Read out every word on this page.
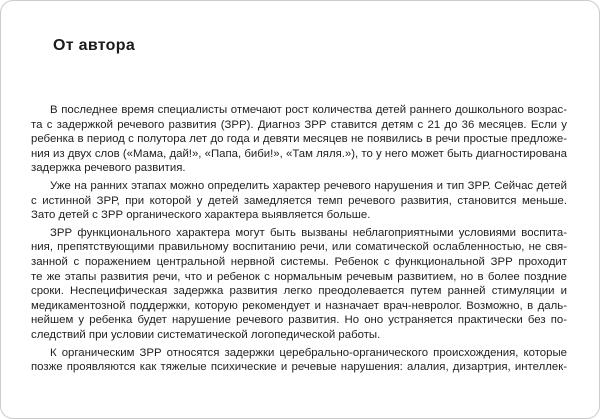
От автора
В последнее время специалисты отмечают рост количества детей раннего дошкольного возрас-
та с задержкой речевого развития (ЗРР). Диагноз ЗРР ставится детям с 21 до 36 месяцев. Если у
ребенка в период с полутора лет до года и девяти месяцев не появились в речи простые предложе-
ния из двух слов («Мама, дай!», «Папа, биби!», «Там ляля.»), то у него может быть диагностирована
задержка речевого развития.
Уже на ранних этапах можно определить характер речевого нарушения и тип ЗРР. Сейчас детей
с истинной ЗРР, при которой у детей замедляется темп речевого развития, становится меньше.
Зато детей с ЗРР органического характера выявляется больше.
ЗРР функционального характера могут быть вызваны неблагоприятными условиями воспита-
ния, препятствующими правильному воспитанию речи, или соматической ослабленностью, не свя-
занной с поражением центральной нервной системы. Ребенок с функциональной ЗРР проходит
те же этапы развития речи, что и ребенок с нормальным речевым развитием, но в более поздние
сроки. Неспецифическая задержка развития легко преодолевается путем ранней стимуляции и
медикаментозной поддержки, которую рекомендует и назначает врач-невролог. Возможно, в даль-
нейшем у ребенка будет нарушение речевого развития. Но оно устраняется практически без по-
следствий при условии систематической логопедической работы.
К органическим ЗРР относятся задержки церебрально-органического происхождения, которые
позже проявляются как тяжелые психические и речевые нарушения: алалия, дизартрия, интеллек-
